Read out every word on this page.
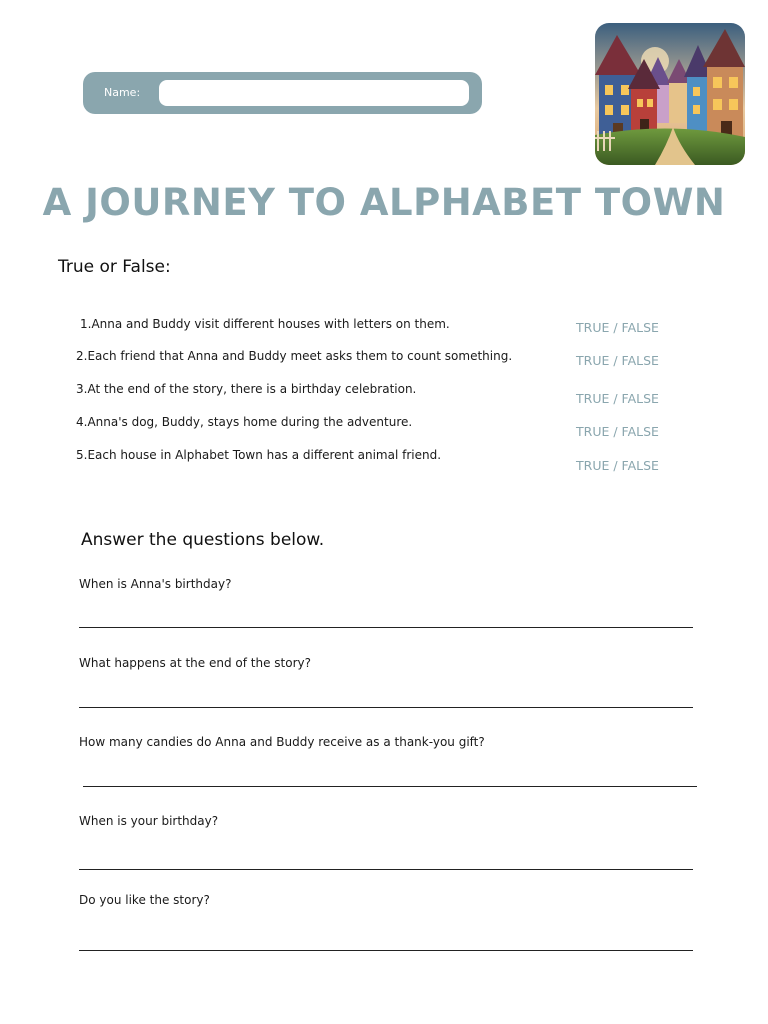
Name:
A JOURNEY TO ALPHABET TOWN
True or False:
1.Anna and Buddy visit different houses with letters on them.
2.Each friend that Anna and Buddy meet asks them to count something.
3.At the end of the story, there is a birthday celebration.
4.Anna's dog, Buddy, stays home during the adventure.
5.Each house in Alphabet Town has a different animal friend.
TRUE / FALSE
TRUE / FALSE
TRUE / FALSE
TRUE / FALSE
TRUE / FALSE
Answer the questions below.
When is Anna's birthday?
What happens at the end of the story?
How many candies do Anna and Buddy receive as a thank-you gift?
When is your birthday?
Do you like the story?
